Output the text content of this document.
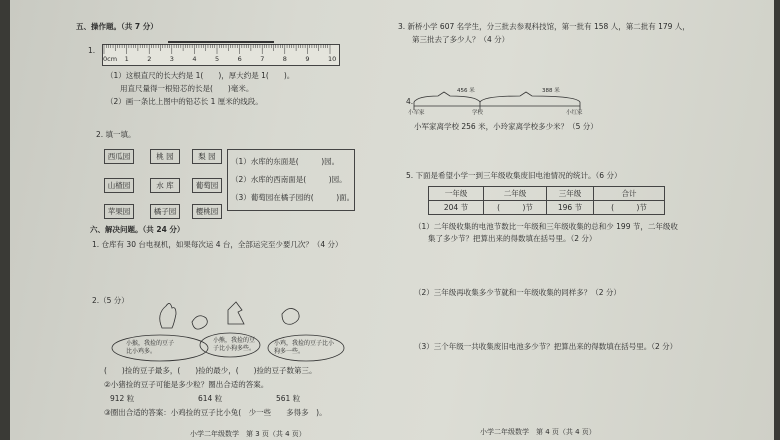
五、操作题。（共 7 分）
1.
0cm 1	2	3	4	5	6	7	8	9	10
（1）这根直尺的长大约是 1(　　)，厚大约是 1(　　)。
用直尺量得一根铅芯的长是(　　)毫米。
（2）画一条比上图中的铅芯长 1 厘米的线段。
2. 填一填。
西瓜园	桃 园	梨 园
山楂园	水 库	葡萄园
苹果园	橘子园	樱桃园
（1）水库的东面是(　　　)园。
（2）水库的西南面是(　　　)园。
（3）葡萄园在橘子园的(　　　)面。
六、解决问题。（共 24 分）
1. 仓库有 30 台电视机，如果每次运 4 台，全部运完至少要几次？（4 分）
2.（5 分）
小猴，我捡的豆子比小鸡多。
小熊，我捡的豆子比小狗多些。
小鸡，我捡的豆子比小狗多一些。
(　　)捡的豆子最多，(　　)捡的最少，(　　)捡的豆子数第三。
②小猪捡的豆子可能是多少粒？圈出合适的答案。
912 粒	614 粒	561 粒
③圈出合适的答案：小鸡捡的豆子比小兔(　少一些　　多得多　)。
小学二年级数学　第 3 页（共 4 页）
3. 新桥小学 607 名学生，分三批去参观科技馆，第一批有 158 人，第二批有 179 人，
第三批去了多少人？（4 分）
4.
456 米	388 米
小军家	学校	小红家
小军家离学校 256 米，小玲家离学校多少米？（5 分）
5. 下面是希望小学一到三年级收集废旧电池情况的统计。（6 分）
一年级	二年级	三年级	合计
204 节	(　　　)节	196 节	(　　　)节
（1）二年级收集的电池节数比一年级和三年级收集的总和少 199 节，二年级收
集了多少节？把算出来的得数填在括号里。（2 分）
（2）三年级再收集多少节就和一年级收集的同样多？（2 分）
（3）三个年级一共收集废旧电池多少节？把算出来的得数填在括号里。（2 分）
小学二年级数学　第 4 页（共 4 页）
